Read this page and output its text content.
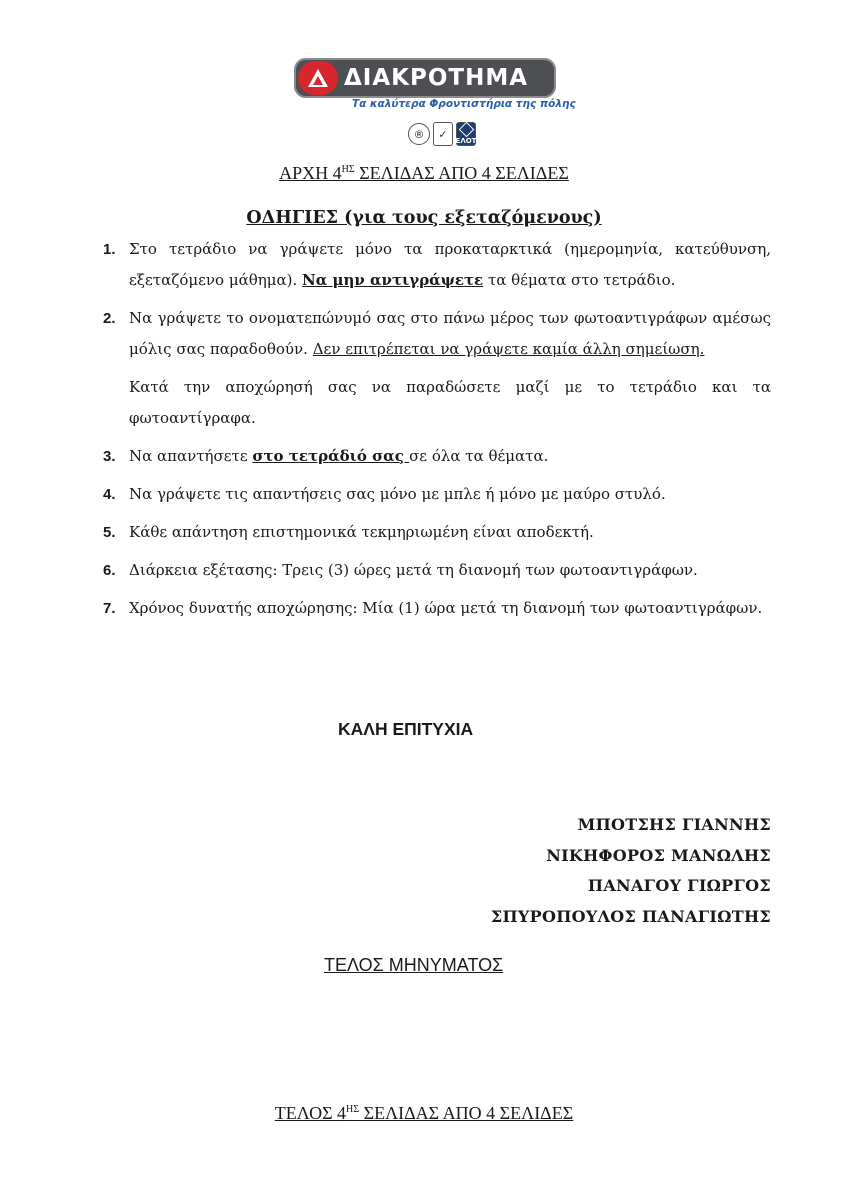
ΔΙΑΚΡΟΤΗΜΑ
Τα καλύτερα Φροντιστήρια της πόλης
®	✓	ΕΛΟΤ
ΑΡΧΗ $4^{H\Sigma}$ ΣΕΛΙΔΑΣ ΑΠΟ 4 ΣΕΛΙΔΕΣ
ΟΔΗΓΙΕΣ (για τους εξεταζόμενους)
1. Στο τετράδιο να γράψετε μόνο τα προκαταρκτικά (ημερομηνία, κατεύθυνση, εξεταζόμενο μάθημα). Να μην αντιγράψετε τα θέματα στο τετράδιο.
2. Να γράψετε το ονοματεπώνυμό σας στο πάνω μέρος των φωτοαντιγράφων αμέσως μόλις σας παραδοθούν. Δεν επιτρέπεται να γράψετε καμία άλλη σημείωση.
Κατά την αποχώρησή σας να παραδώσετε μαζί με το τετράδιο και τα φωτοαντίγραφα.
3. Να απαντήσετε στο τετράδιό σας σε όλα τα θέματα.
4. Να γράψετε τις απαντήσεις σας μόνο με μπλε ή μόνο με μαύρο στυλό.
5. Κάθε απάντηση επιστημονικά τεκμηριωμένη είναι αποδεκτή.
6. Διάρκεια εξέτασης: Τρεις (3) ώρες μετά τη διανομή των φωτοαντιγράφων.
7. Χρόνος δυνατής αποχώρησης: Μία (1) ώρα μετά τη διανομή των φωτοαντιγράφων.
ΚΑΛΗ ΕΠΙΤΥΧΙΑ
ΜΠΟΤΣΗΣ ΓΙΑΝΝΗΣ
ΝΙΚΗΦΟΡΟΣ ΜΑΝΩΛΗΣ
ΠΑΝΑΓΟΥ ΓΙΩΡΓΟΣ
ΣΠΥΡΟΠΟΥΛΟΣ ΠΑΝΑΓΙΩΤΗΣ
ΤΕΛΟΣ ΜΗΝΥΜΑΤΟΣ
ΤΕΛΟΣ $4^{H\Sigma}$ ΣΕΛΙΔΑΣ ΑΠΟ 4 ΣΕΛΙΔΕΣ
